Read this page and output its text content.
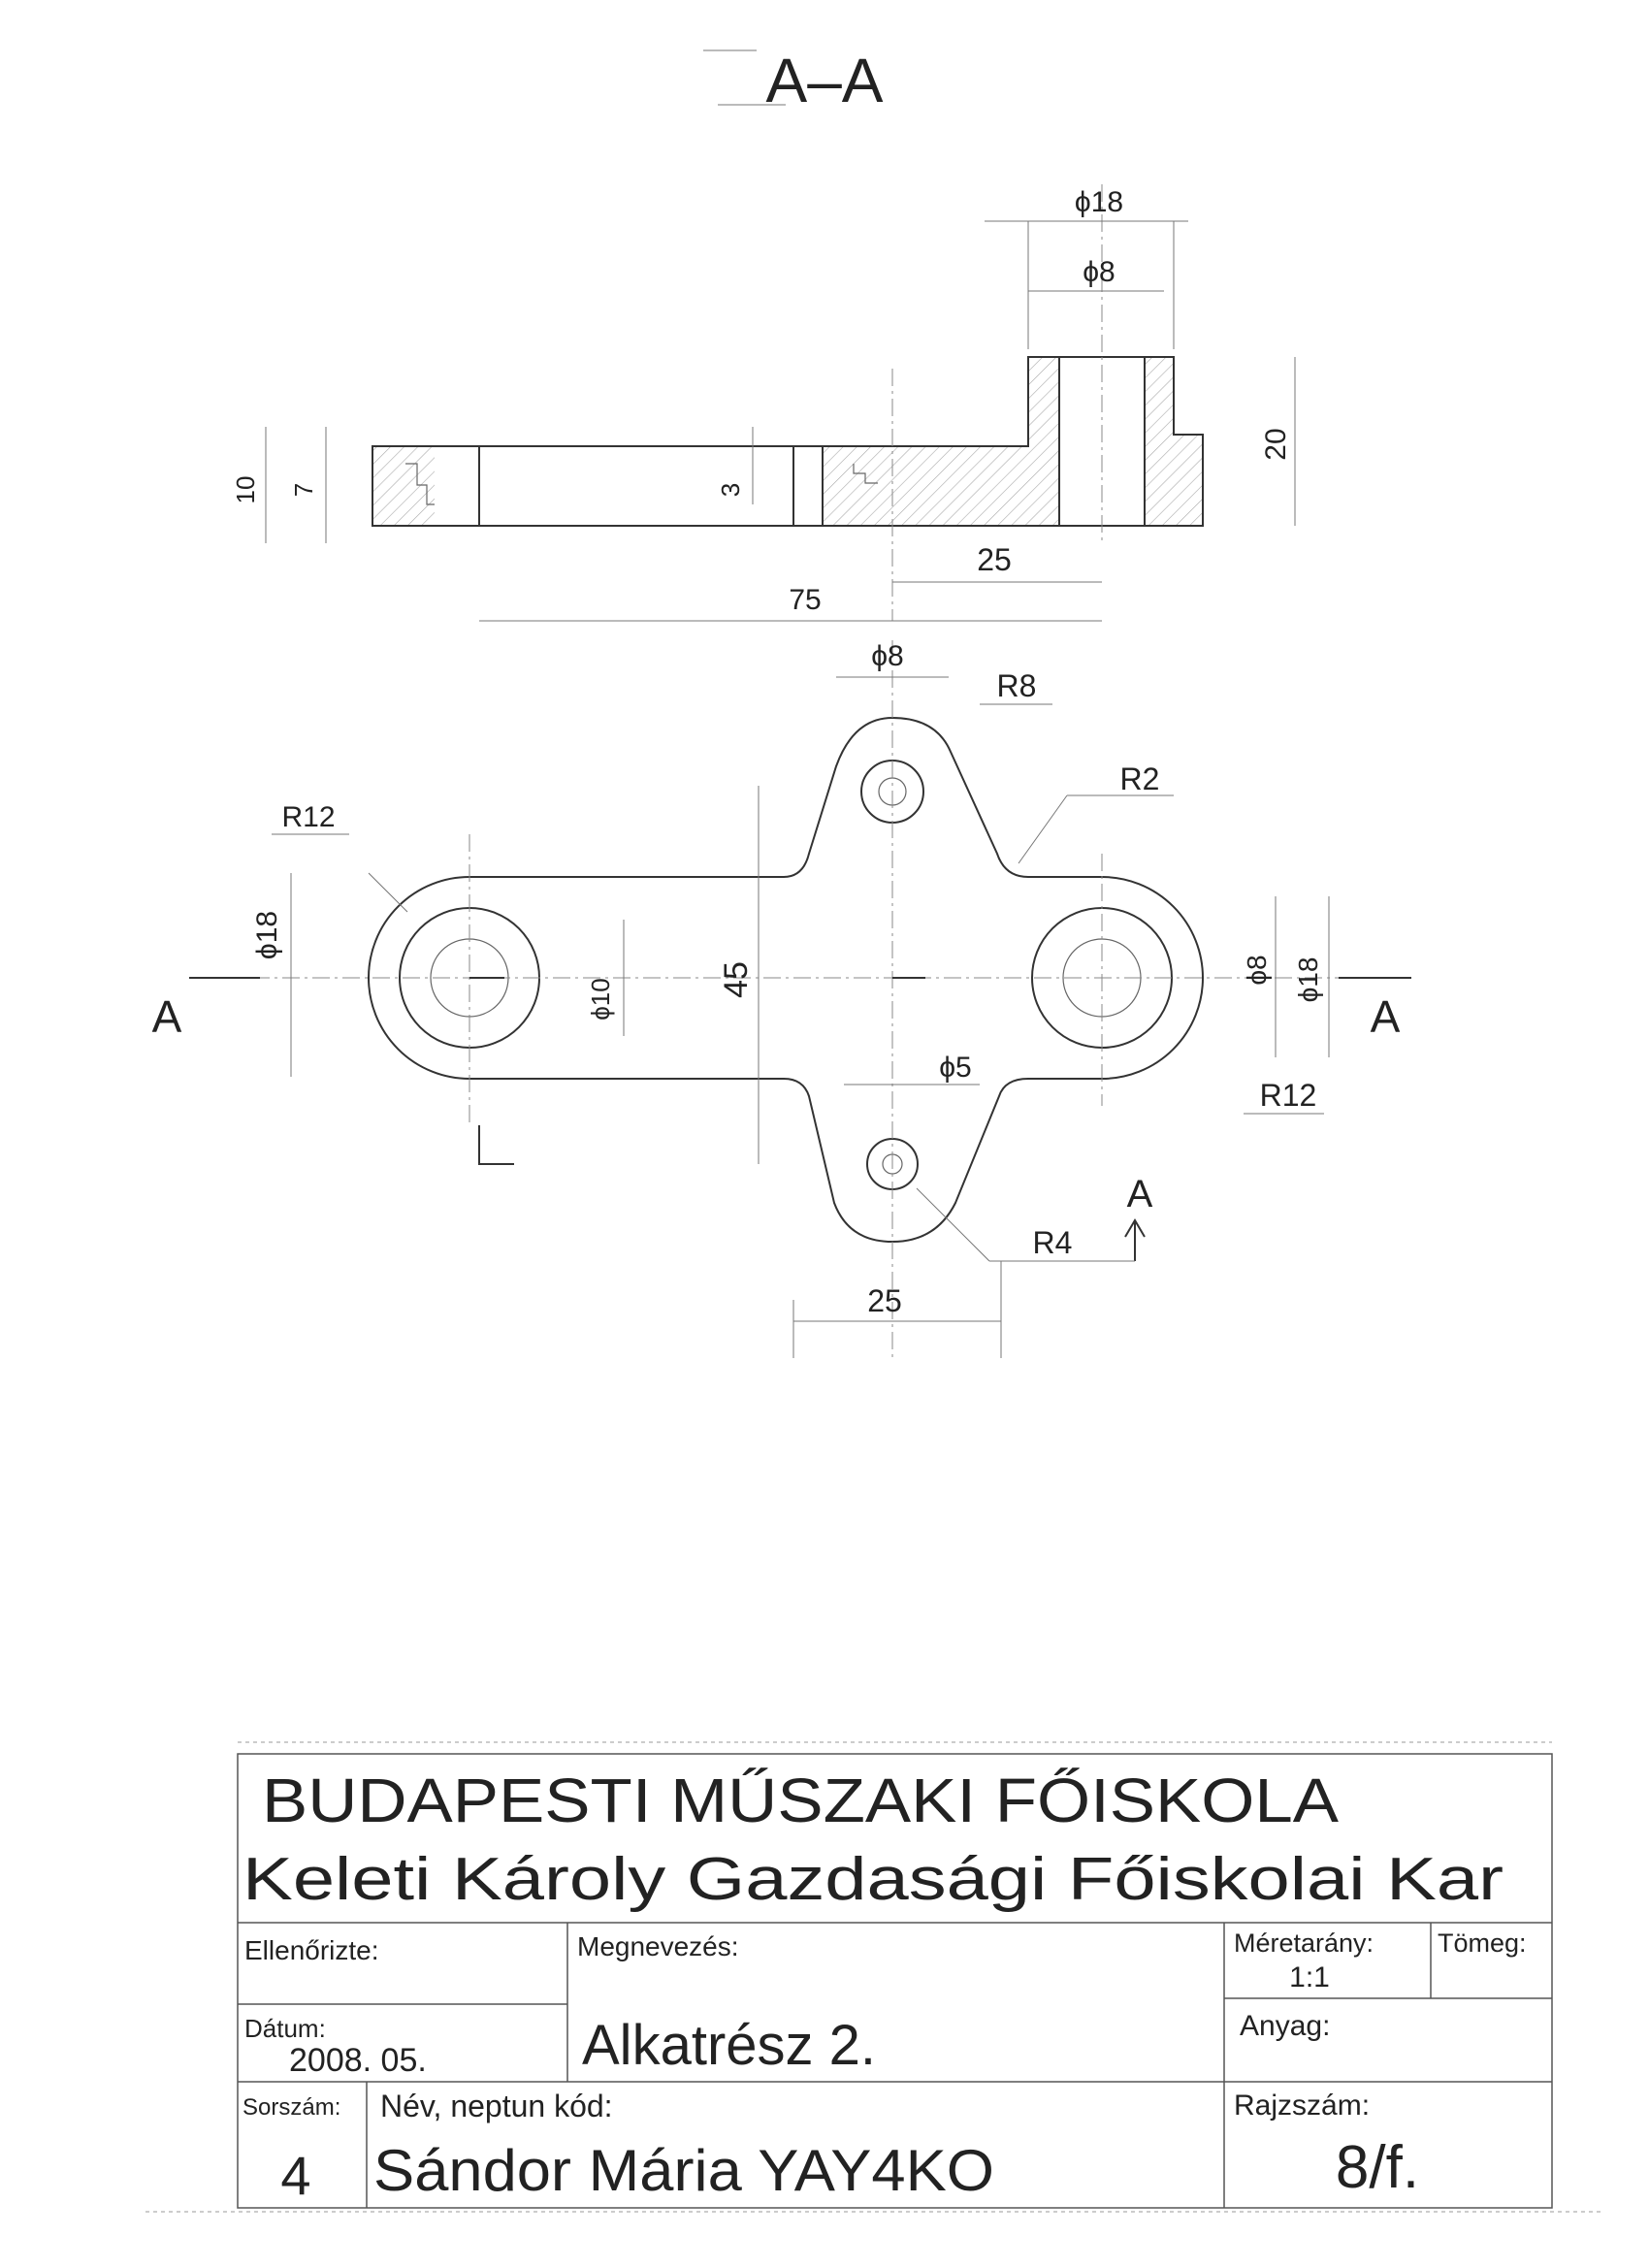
A–A
ϕ18
ϕ8
20
10 7	3
25
75
A	A
A
ϕ8
R8
R2
R12
ϕ18
ϕ10	45	ϕ8 ϕ18
R12
ϕ5
R4
25
BUDAPESTI MŰSZAKI FŐISKOLA
Keleti Károly Gazdasági Főiskolai Kar
Ellenőrizte:	Megnevezés:	Méretarány:
1:1
Tömeg:
Dátum:
2008. 05.	Alkatrész 2.	Anyag:
Sorszám:
4
Név, neptun kód:
Sándor Mária YAY4KO
Rajzszám:
8/f.
